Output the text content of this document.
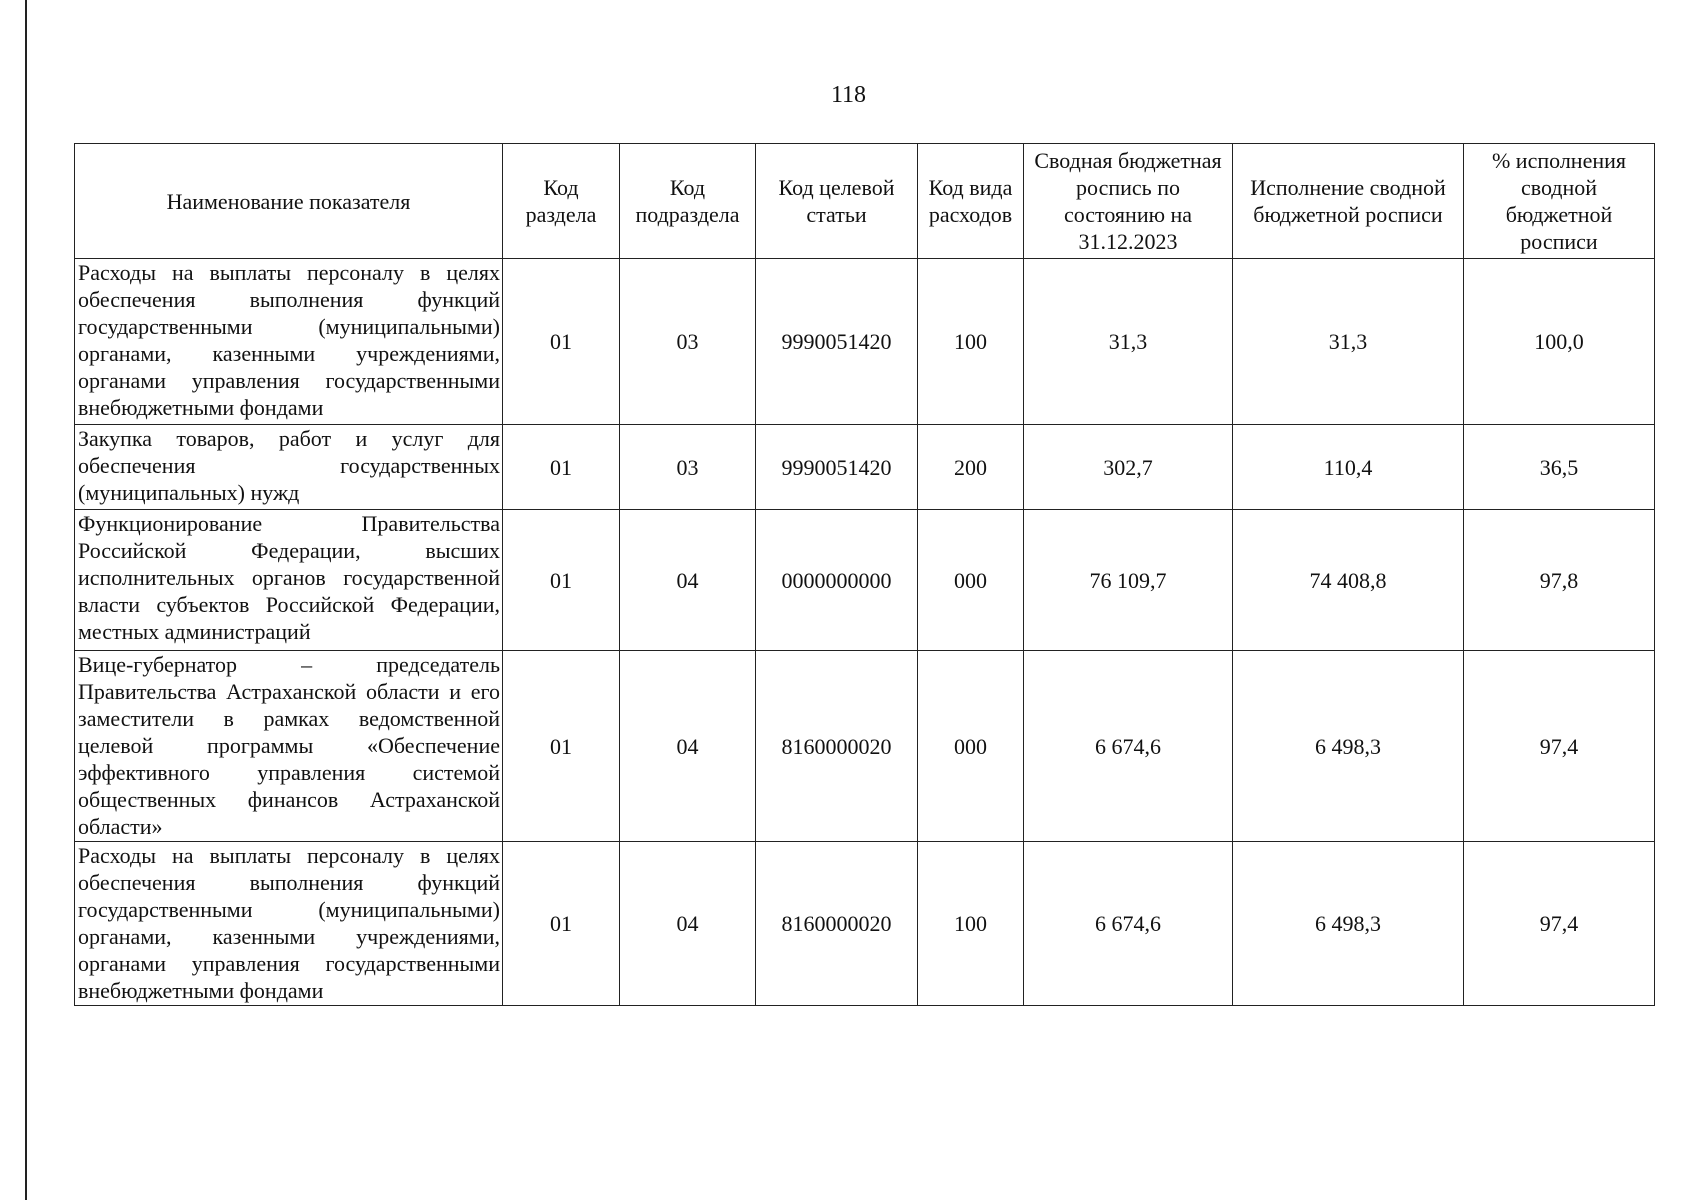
118
Наименование показателя	Код раздела	Код подраздела	Код целевой статьи	Код вида расходов	Сводная бюджетная роспись по состоянию на 31.12.2023	Исполнение сводной бюджетной росписи	% исполнения сводной бюджетной росписи
Расходы на выплаты персоналу в целях обеспечения выполнения функций государственными (муниципальными) органами, казенными учреждениями, органами управления государственными внебюджетными фондами	01	03	9990051420	100	31,3	31,3	100,0
Закупка товаров, работ и услуг для обеспечения государственных (муниципальных) нужд	01	03	9990051420	200	302,7	110,4	36,5
Функционирование Правительства Российской Федерации, высших исполнительных органов государственной власти субъектов Российской Федерации, местных администраций	01	04	0000000000	000	76 109,7	74 408,8	97,8
Вице-губернатор – председатель Правительства Астраханской области и его заместители в рамках ведомственной целевой программы «Обеспечение эффективного управления системой общественных финансов Астраханской области»	01	04	8160000020	000	6 674,6	6 498,3	97,4
Расходы на выплаты персоналу в целях обеспечения выполнения функций государственными (муниципальными) органами, казенными учреждениями, органами управления государственными внебюджетными фондами	01	04	8160000020	100	6 674,6	6 498,3	97,4
